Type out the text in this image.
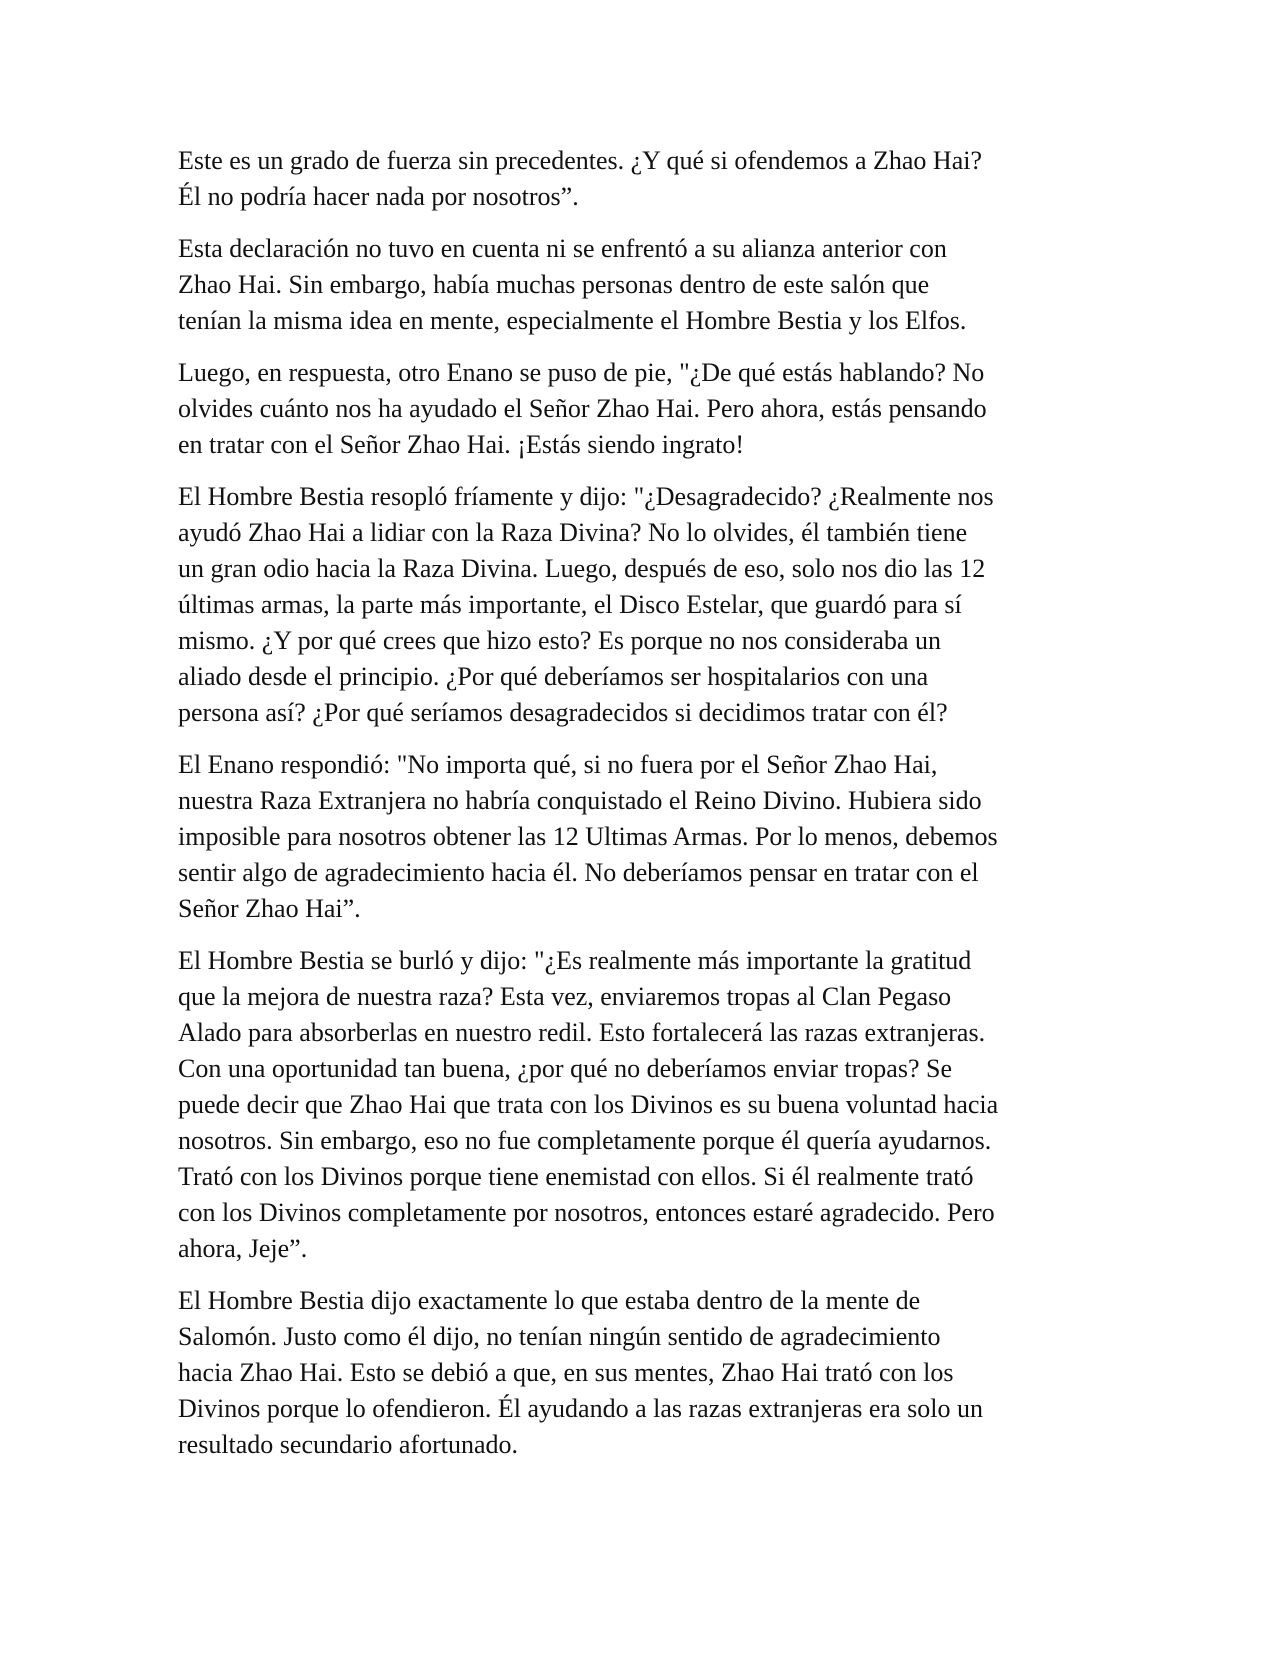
Este es un grado de fuerza sin precedentes. ¿Y qué si ofendemos a Zhao Hai?
Él no podría hacer nada por nosotros”.

Esta declaración no tuvo en cuenta ni se enfrentó a su alianza anterior con
Zhao Hai. Sin embargo, había muchas personas dentro de este salón que
tenían la misma idea en mente, especialmente el Hombre Bestia y los Elfos.

Luego, en respuesta, otro Enano se puso de pie, "¿De qué estás hablando? No
olvides cuánto nos ha ayudado el Señor Zhao Hai. Pero ahora, estás pensando
en tratar con el Señor Zhao Hai. ¡Estás siendo ingrato!

El Hombre Bestia resopló fríamente y dijo: "¿Desagradecido? ¿Realmente nos
ayudó Zhao Hai a lidiar con la Raza Divina? No lo olvides, él también tiene
un gran odio hacia la Raza Divina. Luego, después de eso, solo nos dio las 12
últimas armas, la parte más importante, el Disco Estelar, que guardó para sí
mismo. ¿Y por qué crees que hizo esto? Es porque no nos consideraba un
aliado desde el principio. ¿Por qué deberíamos ser hospitalarios con una
persona así? ¿Por qué seríamos desagradecidos si decidimos tratar con él?

El Enano respondió: "No importa qué, si no fuera por el Señor Zhao Hai,
nuestra Raza Extranjera no habría conquistado el Reino Divino. Hubiera sido
imposible para nosotros obtener las 12 Ultimas Armas. Por lo menos, debemos
sentir algo de agradecimiento hacia él. No deberíamos pensar en tratar con el
Señor Zhao Hai”.

El Hombre Bestia se burló y dijo: "¿Es realmente más importante la gratitud
que la mejora de nuestra raza? Esta vez, enviaremos tropas al Clan Pegaso
Alado para absorberlas en nuestro redil. Esto fortalecerá las razas extranjeras.
Con una oportunidad tan buena, ¿por qué no deberíamos enviar tropas? Se
puede decir que Zhao Hai que trata con los Divinos es su buena voluntad hacia
nosotros. Sin embargo, eso no fue completamente porque él quería ayudarnos.
Trató con los Divinos porque tiene enemistad con ellos. Si él realmente trató
con los Divinos completamente por nosotros, entonces estaré agradecido. Pero
ahora, Jeje”.

El Hombre Bestia dijo exactamente lo que estaba dentro de la mente de
Salomón. Justo como él dijo, no tenían ningún sentido de agradecimiento
hacia Zhao Hai. Esto se debió a que, en sus mentes, Zhao Hai trató con los
Divinos porque lo ofendieron. Él ayudando a las razas extranjeras era solo un
resultado secundario afortunado.
